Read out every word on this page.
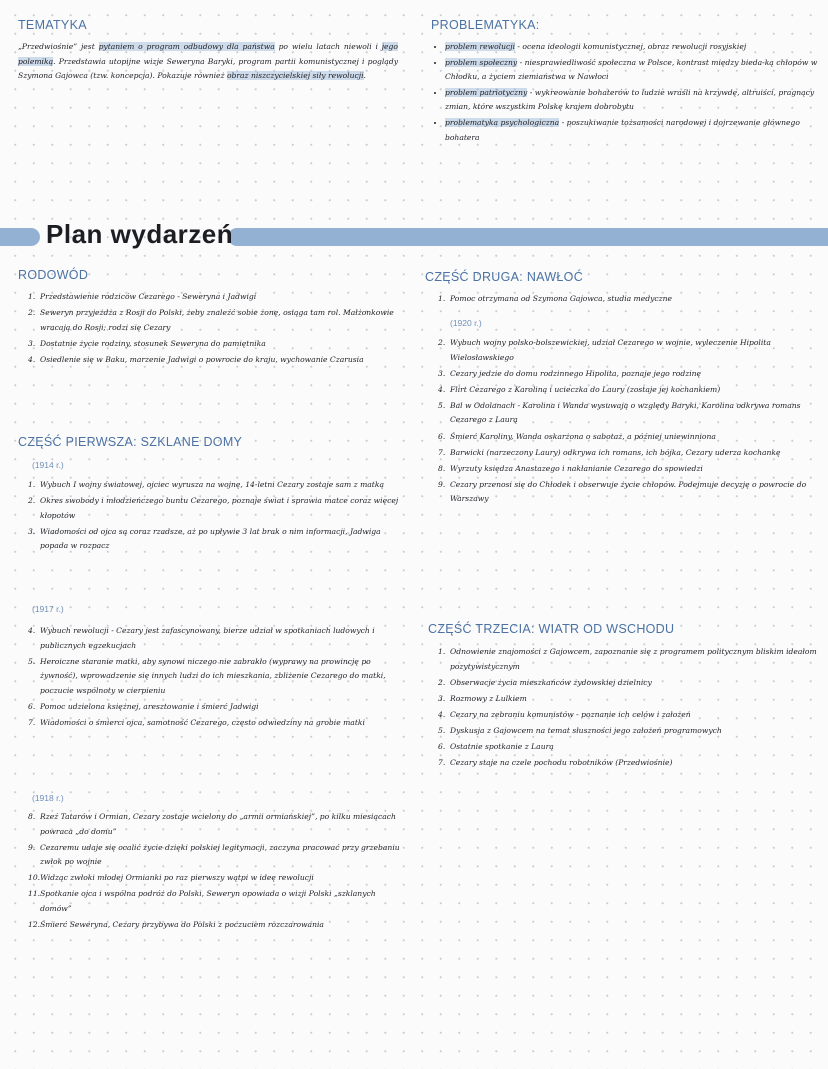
TEMATYKA
„Przedwiośnie” jest pytaniem o program odbudowy dla państwa po wielu latach niewoli i jego polemiką. Przedstawia utopijne wizje Seweryna Baryki, program partii komunistycznej i poglądy Szymona Gajowca (tzw. koncepcja). Pokazuje również obraz niszczycielskiej siły rewolucji.
PROBLEMATYKA:
• problem rewolucji - ocena ideologii komunistycznej, obraz rewolucji rosyjskiej
• problem społeczny - niesprawiedliwość społeczna w Polsce, kontrast między bieda-ką chłopów w Chłodku, a życiem ziemiaństwa w Nawłoci
• problem patriotyczny - wykreowanie bohaterów to ludzie wraśli na krzywdę, altruiści, pragnący zmian, które wszystkim Polskę krajem dobrobytu
• problematyka psychologiczna - poszukiwanie tożsamości narodowej i dojrzewanie głównego bohatera
Plan wydarzeń
RODOWÓD
1. Przedstawienie rodziców Cezarego - Seweryna i Jadwigi
2. Seweryn przyjeżdża z Rosji do Polski, żeby znaleźć sobie żonę, osiąga tam rol. Małżonkowie wracają do Rosji; rodzi się Cezary
3. Dostatnie życie rodziny, stosunek Seweryna do pamiętnika
4. Osiedlenie się w Baku, marzenie Jadwigi o powrocie do kraju, wychowanie Czarusia
CZĘŚĆ PIERWSZA: SZKLANE DOMY
(1914 r.)
1. Wybuch I wojny światowej, ojciec wyrusza na wojnę, 14-letni Cezary zostaje sam z matką
2. Okres swobody i młodzieńczego buntu Cezarego, poznaje świat i sprawia matce coraz więcej kłopotów
3. Wiadomości od ojca są coraz rzadsze, aż po upływie 3 lat brak o nim informacji, Jadwiga popada w rozpacz
(1917 r.)
4. Wybuch rewolucji - Cezary jest zafascynowany, bierze udział w spotkaniach ludowych i publicznych egzekucjach
5. Heroiczne staranie matki, aby synowi niczego nie zabrakło (wyprawy na prowincję po żywność), wprowadzenie się innych ludzi do ich mieszkania, zbliżenie Cezarego do matki, poczucie wspólnoty w cierpieniu
6. Pomoc udzielona księżnej, aresztowanie i śmierć Jadwigi
7. Wiadomości o śmierci ojca, samotność Cezarego, często odwiedziny na grobie matki
(1918 r.)
8. Rzeź Tatarów i Ormian, Cezary zostaje wcielony do „armii ormiańskiej”, po kilku miesiącach powraca „do domu”
9. Cezaremu udaje się ocalić życie dzięki polskiej legitymacji, zaczyna pracować przy grzebaniu zwłok po wojnie
10. Widząc zwłoki młodej Ormianki po raz pierwszy wątpi w ideę rewolucji
11. Spotkanie ojca i wspólna podróż do Polski, Seweryn opowiada o wizji Polski „szklanych domów”
12. Śmierć Seweryna, Cezary przybywa do Polski z poczuciem rozczarowania
CZĘŚĆ DRUGA: NAWŁOĆ
1. Pomoc otrzymana od Szymona Gajowca, studia medyczne
(1920 r.)
2. Wybuch wojny polsko-bolszewickiej, udział Cezarego w wojnie, wyleczenie Hipolita Wielosławskiego
3. Cezary jedzie do domu rodzinnego Hipolita, poznaje jego rodzinę
4. Flirt Cezarego z Karoliną i ucieczka do Laury (zostaje jej kochankiem)
5. Bal w Odolanach - Karolina i Wanda wysuwają o względy Baryki, Karolina odkrywa romans Cezarego z Laurą
6. Śmierć Karoliny, Wanda oskarżona o sabotaż, a później uniewinniona
7. Barwicki (narzeczony Laury) odkrywa ich romans, ich bójka, Cezary uderza kochankę
8. Wyrzuty księdza Anastazego i nakłanianie Cezarego do spowiedzi
9. Cezary przenosi się do Chłodek i obserwuje życie chłopów. Podejmuje decyzję o powrocie do Warszawy
CZĘŚĆ TRZECIA: WIATR OD WSCHODU
1. Odnowienie znajomości z Gajowcem, zapoznanie się z programem politycznym bliskim ideałom pozytywistycznym
2. Obserwacje życia mieszkańców żydowskiej dzielnicy
3. Rozmowy z Lulkiem
4. Cezary na zebraniu komunistów - poznanie ich celów i założeń
5. Dyskusja z Gajowcem na temat słuszności jego założeń programowych
6. Ostatnie spotkanie z Laurą
7. Cezary staje na czele pochodu robotników (Przedwiośnie)
